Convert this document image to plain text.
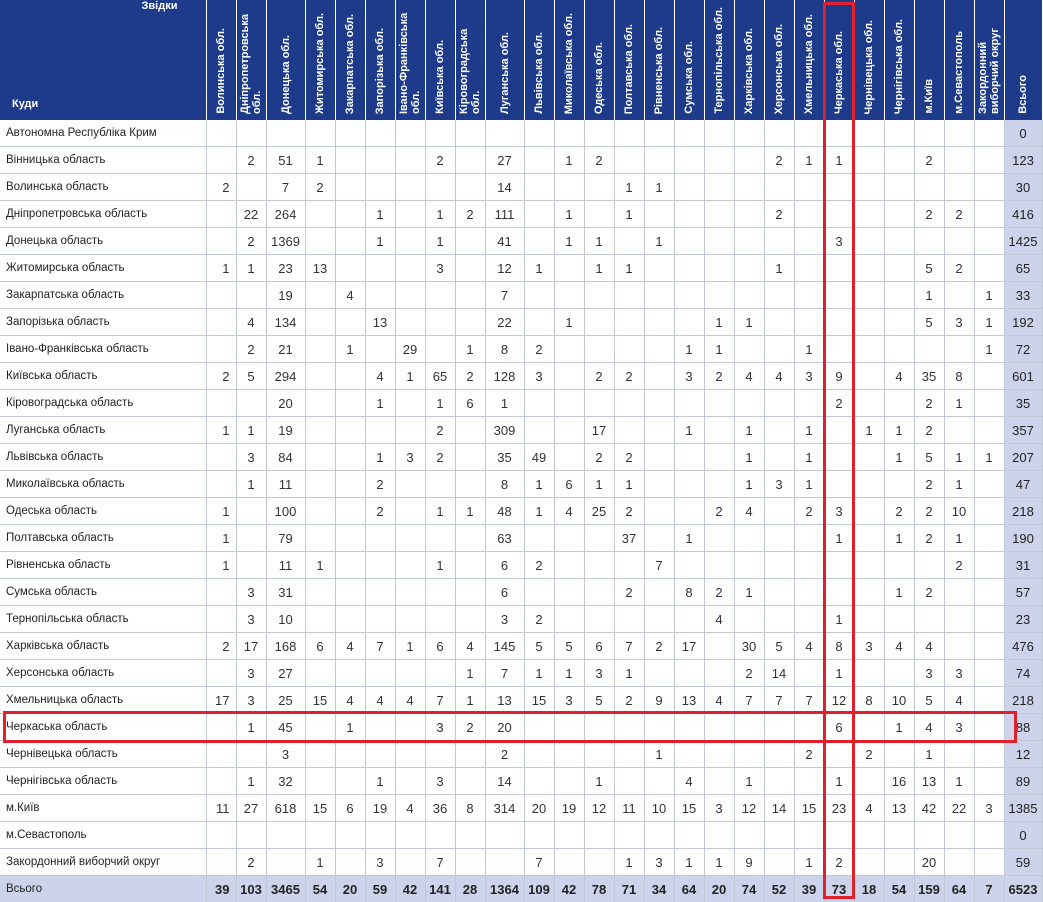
Звідки
Куди	Волинська обл.	Дніпропетровська обл.	Донецька обл.	Житомирська обл.	Закарпатська обл.	Запорізька обл.	Івано-Франківська обл.	Київська обл.	Кіровоградська обл.	Луганська обл.	Львівська обл.	Миколаївська обл.	Одеська обл.	Полтавська обл.	Рівненська обл.	Сумська обл.	Тернопільська обл.	Харківська обл.	Херсонська обл.	Хмельницька обл.	Черкаська обл.	Чернівецька обл.	Чернігівська обл.	м.Київ	м.Севастополь	Закордонний виборчий округ	Всього
Автономна Республіка Крим																											0
Вінницька область		2	51	1				2		27		1	2						2	1	1			2			123
Волинська область	2		7	2						14				1	1												30
Дніпропетровська область		22	264			1		1	2	111		1		1					2					2	2		416
Донецька область		2	1369			1		1		41		1	1		1						3						1425
Житомирська область	1	1	23	13				3		12	1		1	1					1					5	2		65
Закарпатська область			19		4					7														1		1	33
Запорізька область		4	134			13				22		1					1	1						5	3	1	192
Івано-Франківська область		2	21		1		29		1	8	2					1	1			1						1	72
Київська область	2	5	294			4	1	65	2	128	3		2	2		3	2	4	4	3	9		4	35	8		601
Кіровоградська область			20			1		1	6	1											2			2	1		35
Луганська область	1	1	19					2		309			17			1		1		1		1	1	2			357
Львівська область		3	84			1	3	2		35	49		2	2				1		1			1	5	1	1	207
Миколаївська область		1	11			2				8	1	6	1	1				1	3	1				2	1		47
Одеська область	1		100			2		1	1	48	1	4	25	2			2	4		2	3		2	2	10		218
Полтавська область	1		79							63				37		1					1		1	2	1		190
Рівненська область	1		11	1				1		6	2				7										2		31
Сумська область		3	31							6				2		8	2	1					1	2			57
Тернопільська область		3	10							3	2						4				1						23
Харківська область	2	17	168	6	4	7	1	6	4	145	5	5	6	7	2	17		30	5	4	8	3	4	4			476
Херсонська область		3	27						1	7	1	1	3	1				2	14		1			3	3		74
Хмельницька область	17	3	25	15	4	4	4	7	1	13	15	3	5	2	9	13	4	7	7	7	12	8	10	5	4		218
Черкаська область		1	45		1			3	2	20											6		1	4	3		88
Чернівецька область			3							2					1					2		2		1			12
Чернігівська область		1	32			1		3		14			1			4		1			1		16	13	1		89
м.Київ	11	27	618	15	6	19	4	36	8	314	20	19	12	11	10	15	3	12	14	15	23	4	13	42	22	3	1385
м.Севастополь																											0
Закордонний виборчий округ		2		1		3		7			7			1	3	1	1	9		1	2			20			59
Всього	39	103	3465	54	20	59	42	141	28	1364	109	42	78	71	34	64	20	74	52	39	73	18	54	159	64	7	6523
